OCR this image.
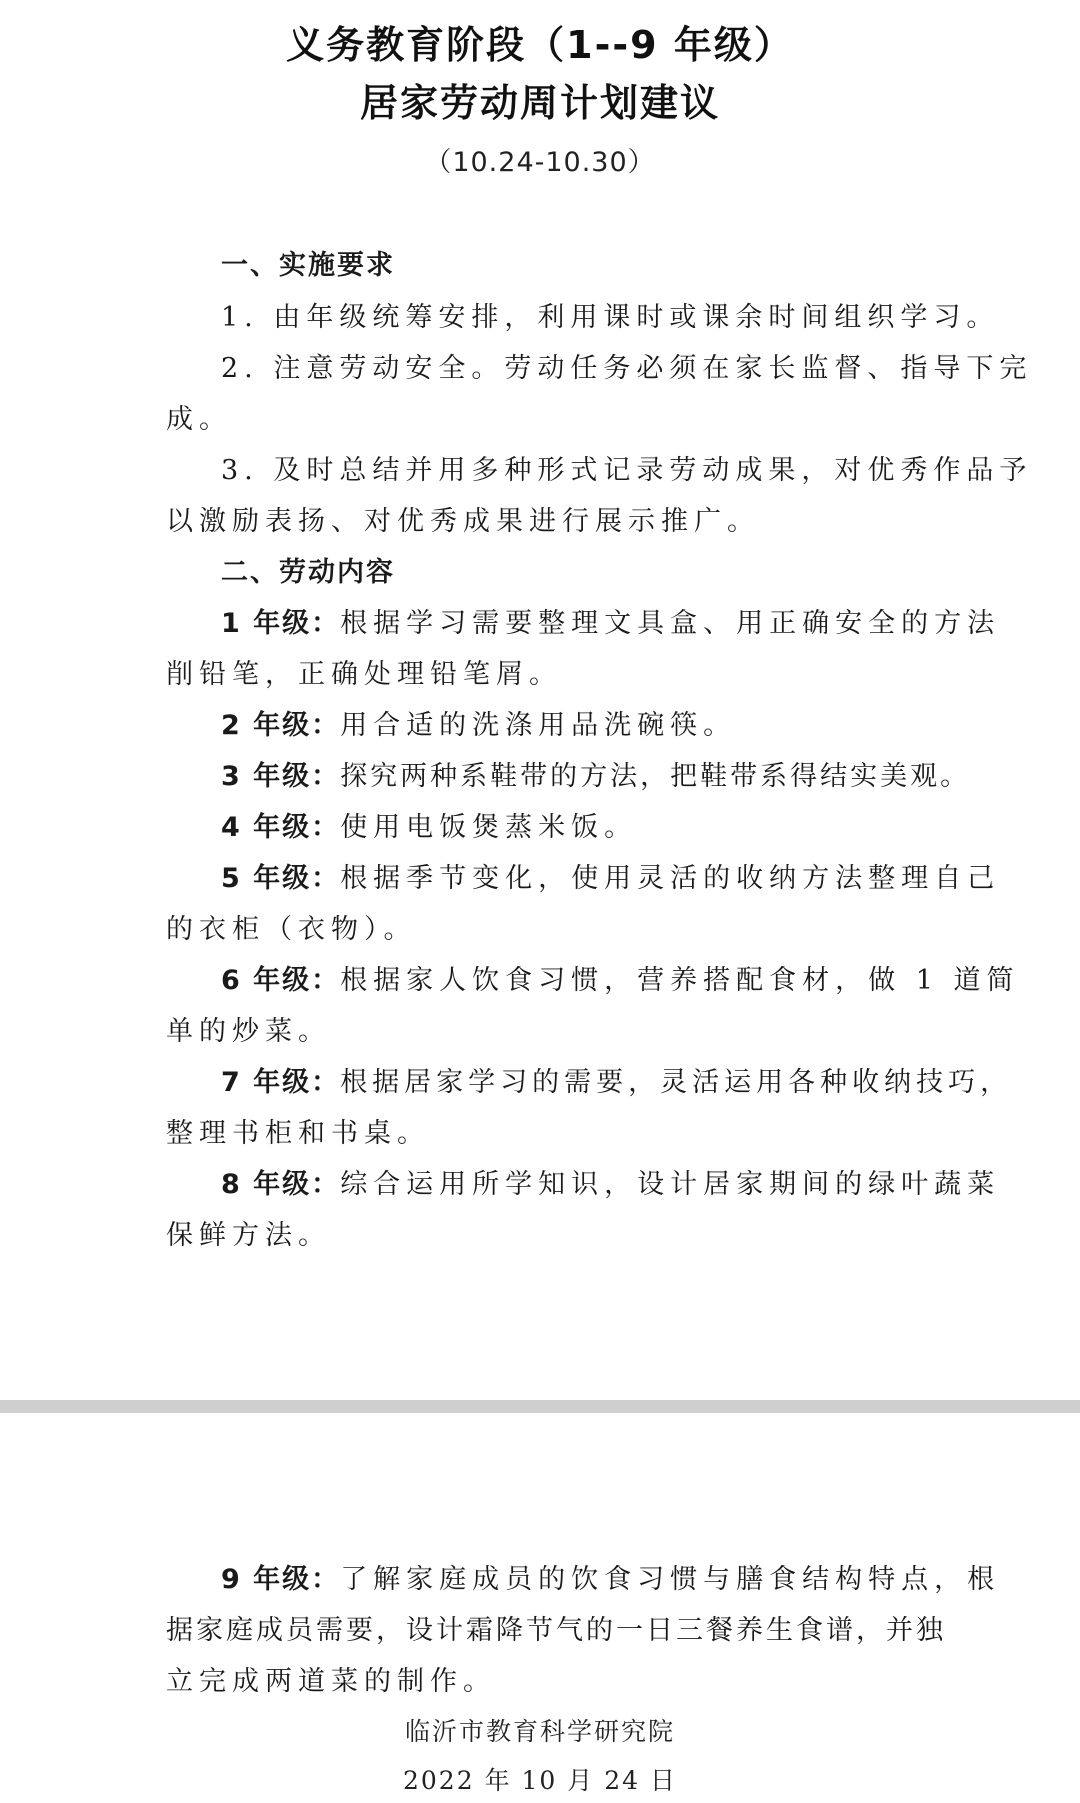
义务教育阶段（1--9 年级）
居家劳动周计划建议
（10.24-10.30）
一、实施要求
1. 由年级统筹安排，利用课时或课余时间组织学习。
2. 注意劳动安全。劳动任务必须在家长监督、指导下完
成。
3. 及时总结并用多种形式记录劳动成果，对优秀作品予
以激励表扬、对优秀成果进行展示推广。
二、劳动内容
1 年级：根据学习需要整理文具盒、用正确安全的方法
削铅笔，正确处理铅笔屑。
2 年级：用合适的洗涤用品洗碗筷。
3 年级：探究两种系鞋带的方法，把鞋带系得结实美观。
4 年级：使用电饭煲蒸米饭。
5 年级：根据季节变化，使用灵活的收纳方法整理自己
的衣柜（衣物）。
6 年级：根据家人饮食习惯，营养搭配食材，做 1 道简
单的炒菜。
7 年级：根据居家学习的需要，灵活运用各种收纳技巧，
整理书柜和书桌。
8 年级：综合运用所学知识，设计居家期间的绿叶蔬菜
保鲜方法。
9 年级：了解家庭成员的饮食习惯与膳食结构特点，根
据家庭成员需要，设计霜降节气的一日三餐养生食谱，并独
立完成两道菜的制作。
临沂市教育科学研究院
2022 年 10 月 24 日
